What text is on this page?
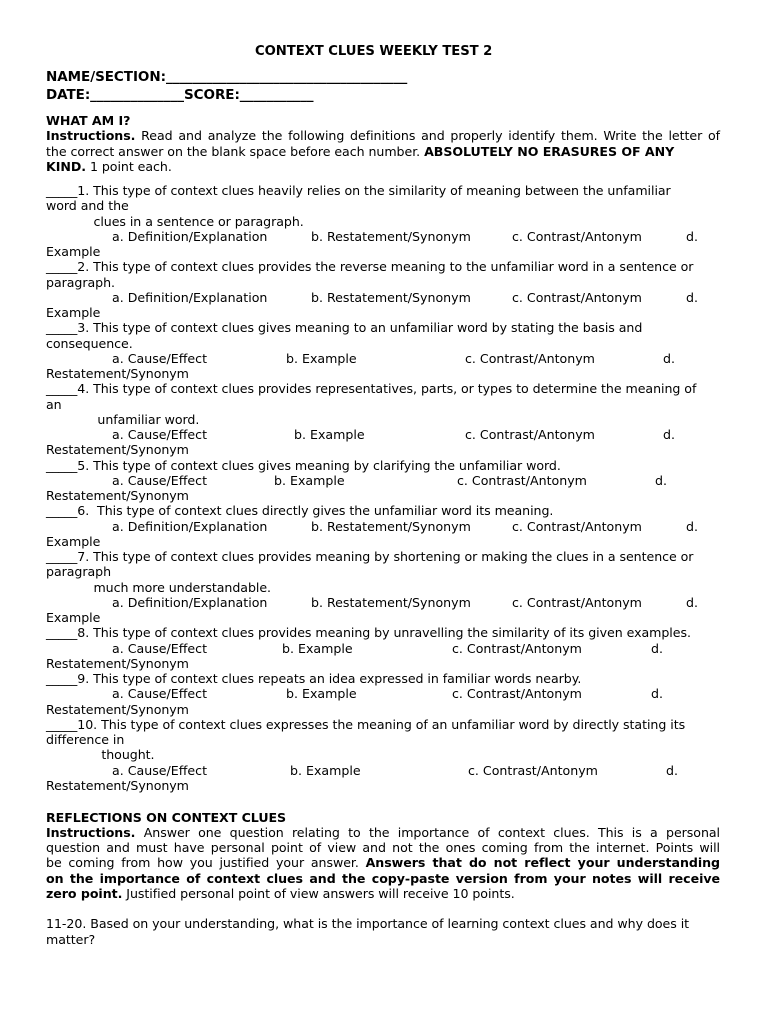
CONTEXT CLUES WEEKLY TEST 2
NAME/SECTION:____________________________________
DATE:______________SCORE:___________
WHAT AM I?
Instructions. Read and analyze the following definitions and properly identify them. Write the letter of
the correct answer on the blank space before each number. ABSOLUTELY NO ERASURES OF ANY
KIND. 1 point each.
_____1. This type of context clues heavily relies on the similarity of meaning between the unfamiliar
word and the
clues in a sentence or paragraph.
a. Definition/Explanation	b. Restatement/Synonym	c. Contrast/Antonym	d.
Example
_____2. This type of context clues provides the reverse meaning to the unfamiliar word in a sentence or
paragraph.
a. Definition/Explanation	b. Restatement/Synonym	c. Contrast/Antonym	d.
Example
_____3. This type of context clues gives meaning to an unfamiliar word by stating the basis and
consequence.
a. Cause/Effect	b. Example	c. Contrast/Antonym	d.
Restatement/Synonym
_____4. This type of context clues provides representatives, parts, or types to determine the meaning of
an
unfamiliar word.
a. Cause/Effect	b. Example	c. Contrast/Antonym	d.
Restatement/Synonym
_____5. This type of context clues gives meaning by clarifying the unfamiliar word.
a. Cause/Effect	b. Example	c. Contrast/Antonym	d.
Restatement/Synonym
_____6.  This type of context clues directly gives the unfamiliar word its meaning.
a. Definition/Explanation	b. Restatement/Synonym	c. Contrast/Antonym	d.
Example
_____7. This type of context clues provides meaning by shortening or making the clues in a sentence or
paragraph
much more understandable.
a. Definition/Explanation	b. Restatement/Synonym	c. Contrast/Antonym	d.
Example
_____8. This type of context clues provides meaning by unravelling the similarity of its given examples.
a. Cause/Effect	b. Example	c. Contrast/Antonym	d.
Restatement/Synonym
_____9. This type of context clues repeats an idea expressed in familiar words nearby.
a. Cause/Effect	b. Example	c. Contrast/Antonym	d.
Restatement/Synonym
_____10. This type of context clues expresses the meaning of an unfamiliar word by directly stating its
difference in
thought.
a. Cause/Effect	b. Example	c. Contrast/Antonym	d.
Restatement/Synonym
REFLECTIONS ON CONTEXT CLUES
Instructions. Answer one question relating to the importance of context clues. This is a personal
question and must have personal point of view and not the ones coming from the internet. Points will
be coming from how you justified your answer. Answers that do not reflect your understanding
on the importance of context clues and the copy-paste version from your notes will receive
zero point. Justified personal point of view answers will receive 10 points.
11-20. Based on your understanding, what is the importance of learning context clues and why does it
matter?
